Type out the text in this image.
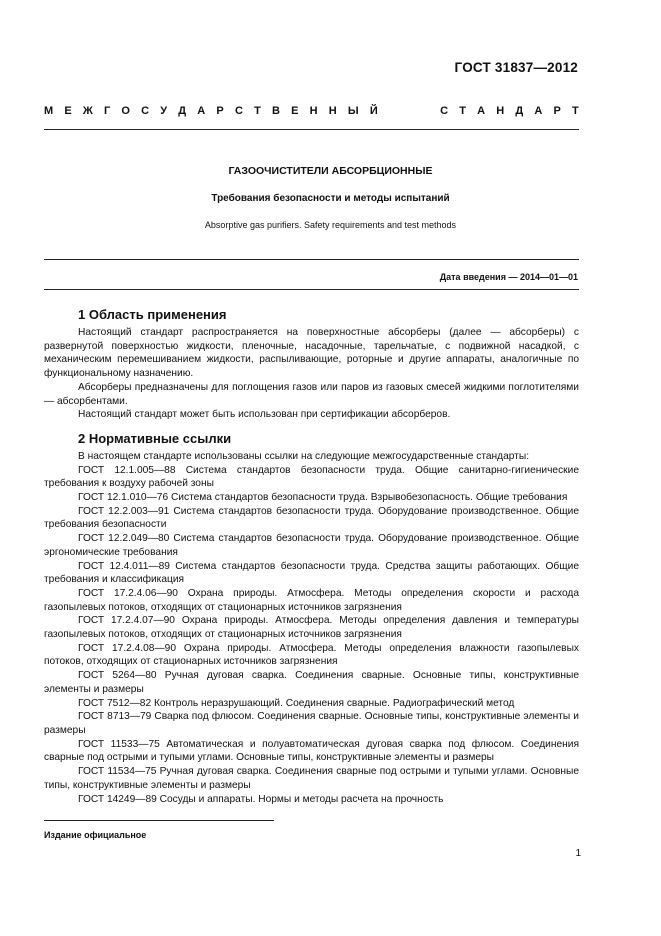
ГОСТ 31837—2012
М Е Ж Г О С У Д А Р С Т В Е Н Н Ы Й	С Т А Н Д А Р Т
ГАЗООЧИСТИТЕЛИ АБСОРБЦИОННЫЕ
Требования безопасности и методы испытаний
Absorptive gas purifiers. Safety requirements and test methods
Дата введения — 2014—01—01
1 Область применения

Настоящий стандарт распространяется на поверхностные абсорберы (далее — абсорберы) с развернутой поверхностью жидкости, пленочные, насадочные, тарельчатые, с подвижной насадкой, с механическим перемешиванием жидкости, распыливающие, роторные и другие аппараты, аналогичные по функциональному назначению.

Абсорберы предназначены для поглощения газов или паров из газовых смесей жидкими поглотителями — абсорбентами.

Настоящий стандарт может быть использован при сертификации абсорберов.

2 Нормативные ссылки

В настоящем стандарте использованы ссылки на следующие межгосударственные стандарты:

ГОСТ 12.1.005—88 Система стандартов безопасности труда. Общие санитарно-гигиенические требования к воздуху рабочей зоны

ГОСТ 12.1.010—76 Система стандартов безопасности труда. Взрывобезопасность. Общие требования

ГОСТ 12.2.003—91 Система стандартов безопасности труда. Оборудование производственное. Общие требования безопасности

ГОСТ 12.2.049—80 Система стандартов безопасности труда. Оборудование производственное. Общие эргономические требования

ГОСТ 12.4.011—89 Система стандартов безопасности труда. Средства защиты работающих. Общие требования и классификация

ГОСТ 17.2.4.06—90 Охрана природы. Атмосфера. Методы определения скорости и расхода газопылевых потоков, отходящих от стационарных источников загрязнения

ГОСТ 17.2.4.07—90 Охрана природы. Атмосфера. Методы определения давления и температуры газопылевых потоков, отходящих от стационарных источников загрязнения

ГОСТ 17.2.4.08—90 Охрана природы. Атмосфера. Методы определения влажности газопылевых потоков, отходящих от стационарных источников загрязнения

ГОСТ 5264—80 Ручная дуговая сварка. Соединения сварные. Основные типы, конструктивные элементы и размеры

ГОСТ 7512—82 Контроль неразрушающий. Соединения сварные. Радиографический метод

ГОСТ 8713—79 Сварка под флюсом. Соединения сварные. Основные типы, конструктивные элементы и размеры

ГОСТ 11533—75 Автоматическая и полуавтоматическая дуговая сварка под флюсом. Соединения сварные под острыми и тупыми углами. Основные типы, конструктивные элементы и размеры

ГОСТ 11534—75 Ручная дуговая сварка. Соединения сварные под острыми и тупыми углами. Основные типы, конструктивные элементы и размеры

ГОСТ 14249—89 Сосуды и аппараты. Нормы и методы расчета на прочность

Издание официальное
1
